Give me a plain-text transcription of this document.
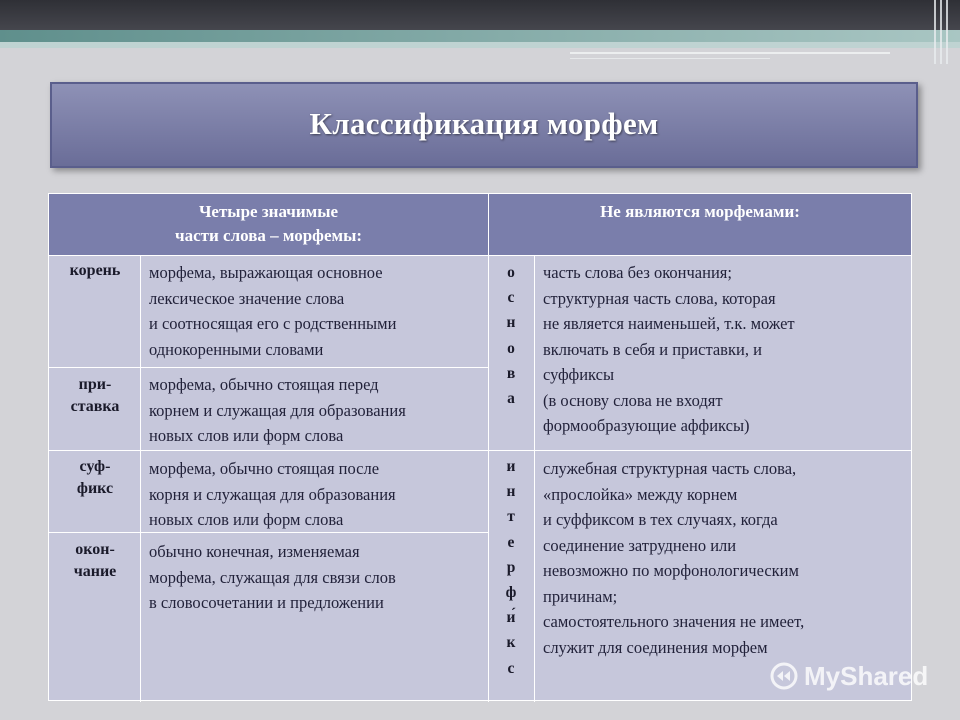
Классификация морфем
Четыре значимые
части слова – морфемы:
Не являются морфемами:
корень
при-
ставка
суф-
фикс
окон-
чание
морфема, выражающая основное
лексическое значение слова
и соотносящая его с родственными
однокоренными словами
морфема, обычно стоящая перед
корнем и служащая для образования
новых слов или форм слова
морфема, обычно стоящая после
корня и служащая для образования
новых слов или форм слова
обычно конечная, изменяемая
морфема, служащая для связи слов
в словосочетании и предложении
о
с
н
о
в
а
и
н
т
е
р
ф
и́
к
с
часть слова без окончания;
структурная часть слова, которая
не является наименьшей, т.к. может
включать в себя и приставки, и
суффиксы
(в основу слова не входят
формообразующие аффиксы)
служебная структурная часть слова,
«прослойка» между корнем
и суффиксом в тех случаях, когда
соединение затруднено или
невозможно по морфонологическим
причинам;
самостоятельного значения не имеет,
служит для соединения морфем
MyShared
